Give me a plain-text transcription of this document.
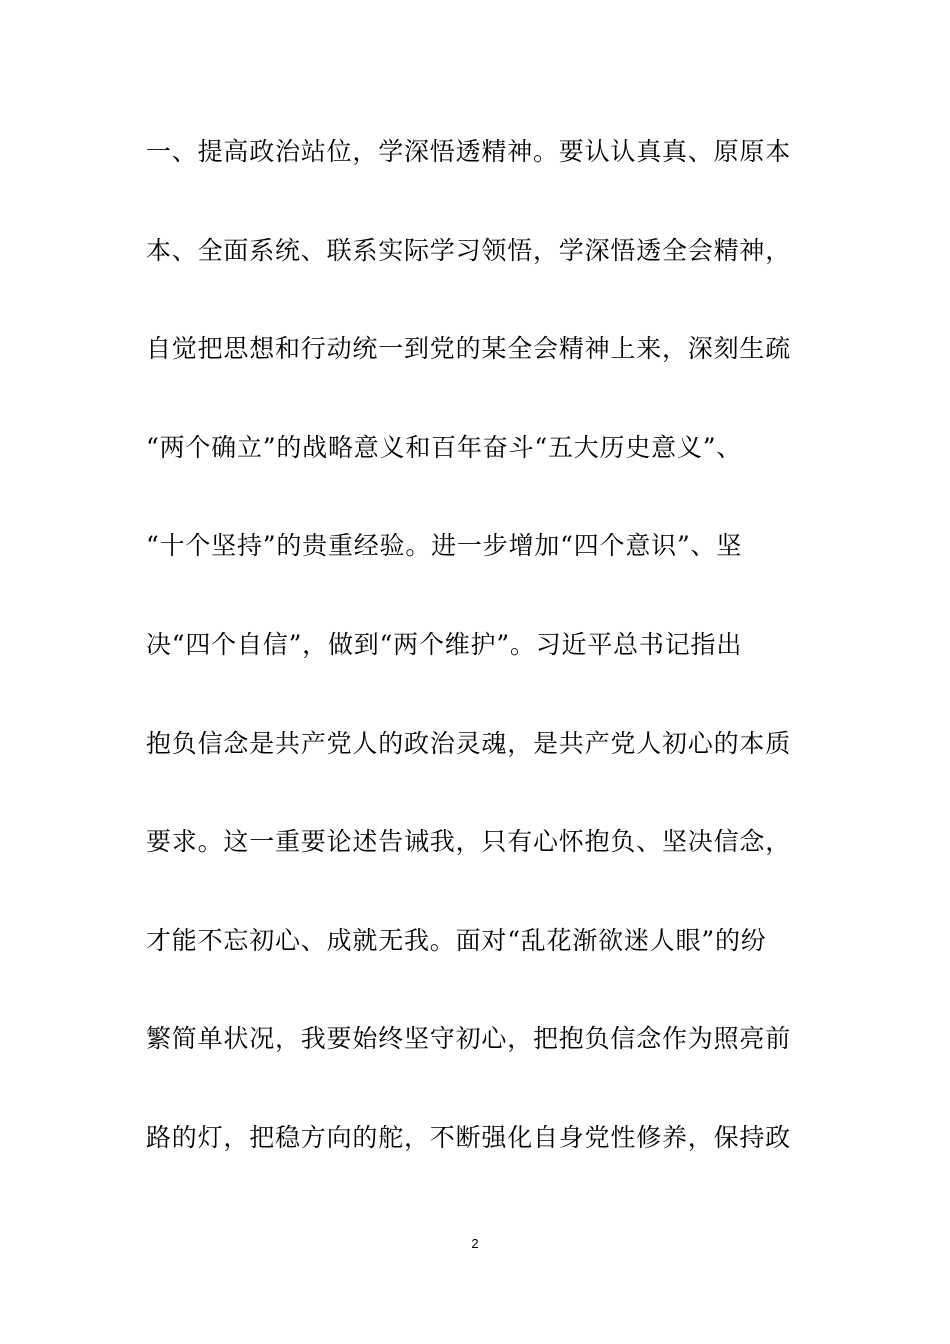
一、提高政治站位，学深悟透精神。要认认真真、原原本
本、全面系统、联系实际学习领悟，学深悟透全会精神，
自觉把思想和行动统一到党的某全会精神上来，深刻生疏
“两个确立”的战略意义和百年奋斗“五大历史意义”、
“十个坚持”的贵重经验。进一步增加“四个意识”、坚
决“四个自信”，做到“两个维护”。习近平总书记指出
抱负信念是共产党人的政治灵魂，是共产党人初心的本质
要求。这一重要论述告诫我，只有心怀抱负、坚决信念，
才能不忘初心、成就无我。面对“乱花渐欲迷人眼”的纷
繁简单状况，我要始终坚守初心，把抱负信念作为照亮前
路的灯，把稳方向的舵，不断强化自身党性修养，保持政
2
